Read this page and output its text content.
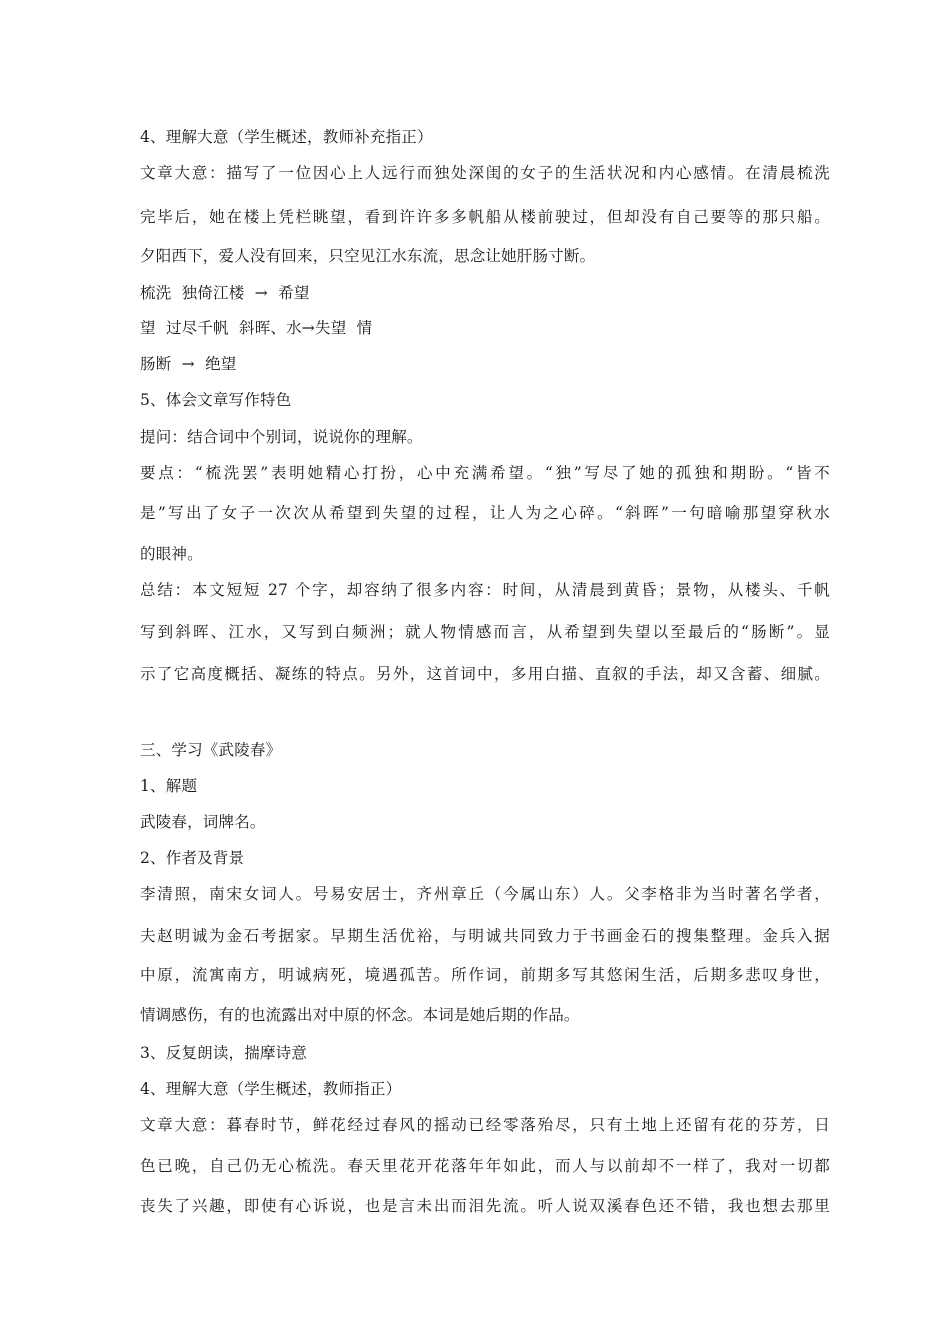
4、理解大意（学生概述，教师补充指正）
文章大意：描写了一位因心上人远行而独处深闺的女子的生活状况和内心感情。在清晨梳洗
完毕后，她在楼上凭栏眺望，看到许许多多帆船从楼前驶过，但却没有自己要等的那只船。
夕阳西下，爱人没有回来，只空见江水东流，思念让她肝肠寸断。
梳洗  独倚江楼  →  希望
望  过尽千帆  斜晖、水→失望  情
肠断  →  绝望
5、体会文章写作特色
提问：结合词中个别词，说说你的理解。
要点：“梳洗罢”表明她精心打扮，心中充满希望。“独”写尽了她的孤独和期盼。“皆不
是”写出了女子一次次从希望到失望的过程，让人为之心碎。“斜晖”一句暗喻那望穿秋水
的眼神。
总结：本文短短 27 个字，却容纳了很多内容：时间，从清晨到黄昏；景物，从楼头、千帆
写到斜晖、江水，又写到白频洲；就人物情感而言，从希望到失望以至最后的“肠断”。显
示了它高度概括、凝练的特点。另外，这首词中，多用白描、直叙的手法，却又含蓄、细腻。
三、学习《武陵春》
1、解题
武陵春，词牌名。
2、作者及背景
李清照，南宋女词人。号易安居士，齐州章丘（今属山东）人。父李格非为当时著名学者，
夫赵明诚为金石考据家。早期生活优裕，与明诚共同致力于书画金石的搜集整理。金兵入据
中原，流寓南方，明诚病死，境遇孤苦。所作词，前期多写其悠闲生活，后期多悲叹身世，
情调感伤，有的也流露出对中原的怀念。本词是她后期的作品。
3、反复朗读，揣摩诗意
4、理解大意（学生概述，教师指正）
文章大意：暮春时节，鲜花经过春风的摇动已经零落殆尽，只有土地上还留有花的芬芳，日
色已晚，自己仍无心梳洗。春天里花开花落年年如此，而人与以前却不一样了，我对一切都
丧失了兴趣，即使有心诉说，也是言未出而泪先流。听人说双溪春色还不错，我也想去那里
